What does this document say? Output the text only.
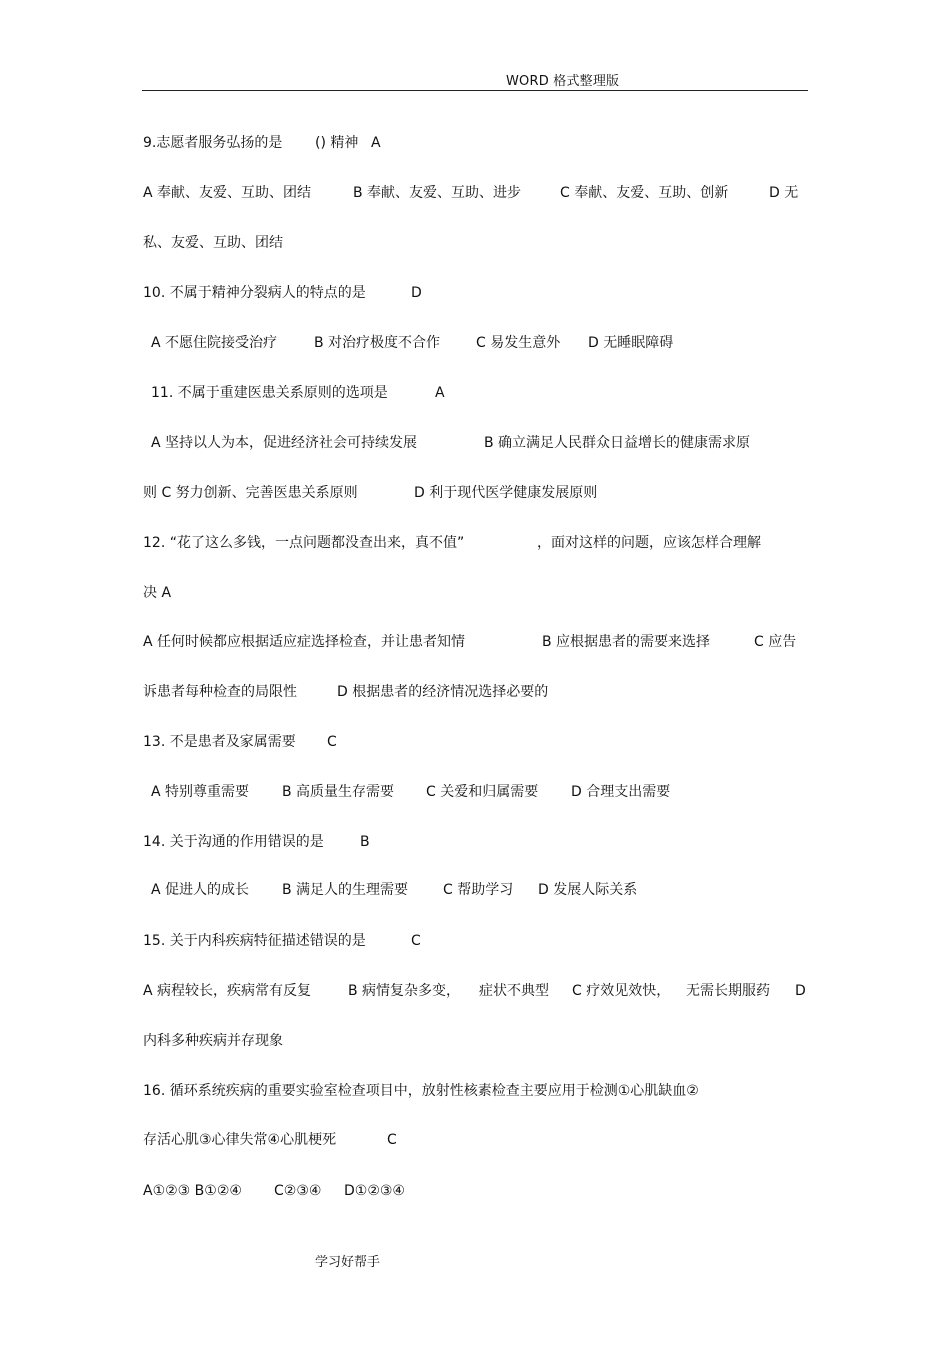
WORD 格式整理版
9.志愿者服务弘扬的是 () 精神 A
A 奉献、友爱、互助、团结	B 奉献、友爱、互助、进步	C 奉献、友爱、互助、创新	D 无
私、友爱、互助、团结
10. 不属于精神分裂病人的特点的是	D
A 不愿住院接受治疗	B 对治疗极度不合作	C 易发生意外 D 无睡眠障碍
11. 不属于重建医患关系原则的选项是	A
A 坚持以人为本，促进经济社会可持续发展	B 确立满足人民群众日益增长的健康需求原
则 C 努力创新、完善医患关系原则	D 利于现代医学健康发展原则
12. “花了这么多钱，一点问题都没查出来，真不值”	，面对这样的问题，应该怎样合理解
决 A
A 任何时候都应根据适应症选择检查，并让患者知情	B 应根据患者的需要来选择	C 应告
诉患者每种检查的局限性	D 根据患者的经济情况选择必要的
13. 不是患者及家属需要 C
A 特别尊重需要 B 高质量生存需要 C 关爱和归属需要 D 合理支出需要
14. 关于沟通的作用错误的是	B
A 促进人的成长 B 满足人的生理需要 C 帮助学习 D 发展人际关系
15. 关于内科疾病特征描述错误的是	C
A 病程较长，疾病常有反复	B 病情复杂多变， 症状不典型 C 疗效见效快， 无需长期服药 D
内科多种疾病并存现象
16. 循环系统疾病的重要实验室检查项目中，放射性核素检查主要应用于检测①心肌缺血②
存活心肌③心律失常④心肌梗死	C
A①②③ B①②④ C②③④ D①②③④
学习好帮手
